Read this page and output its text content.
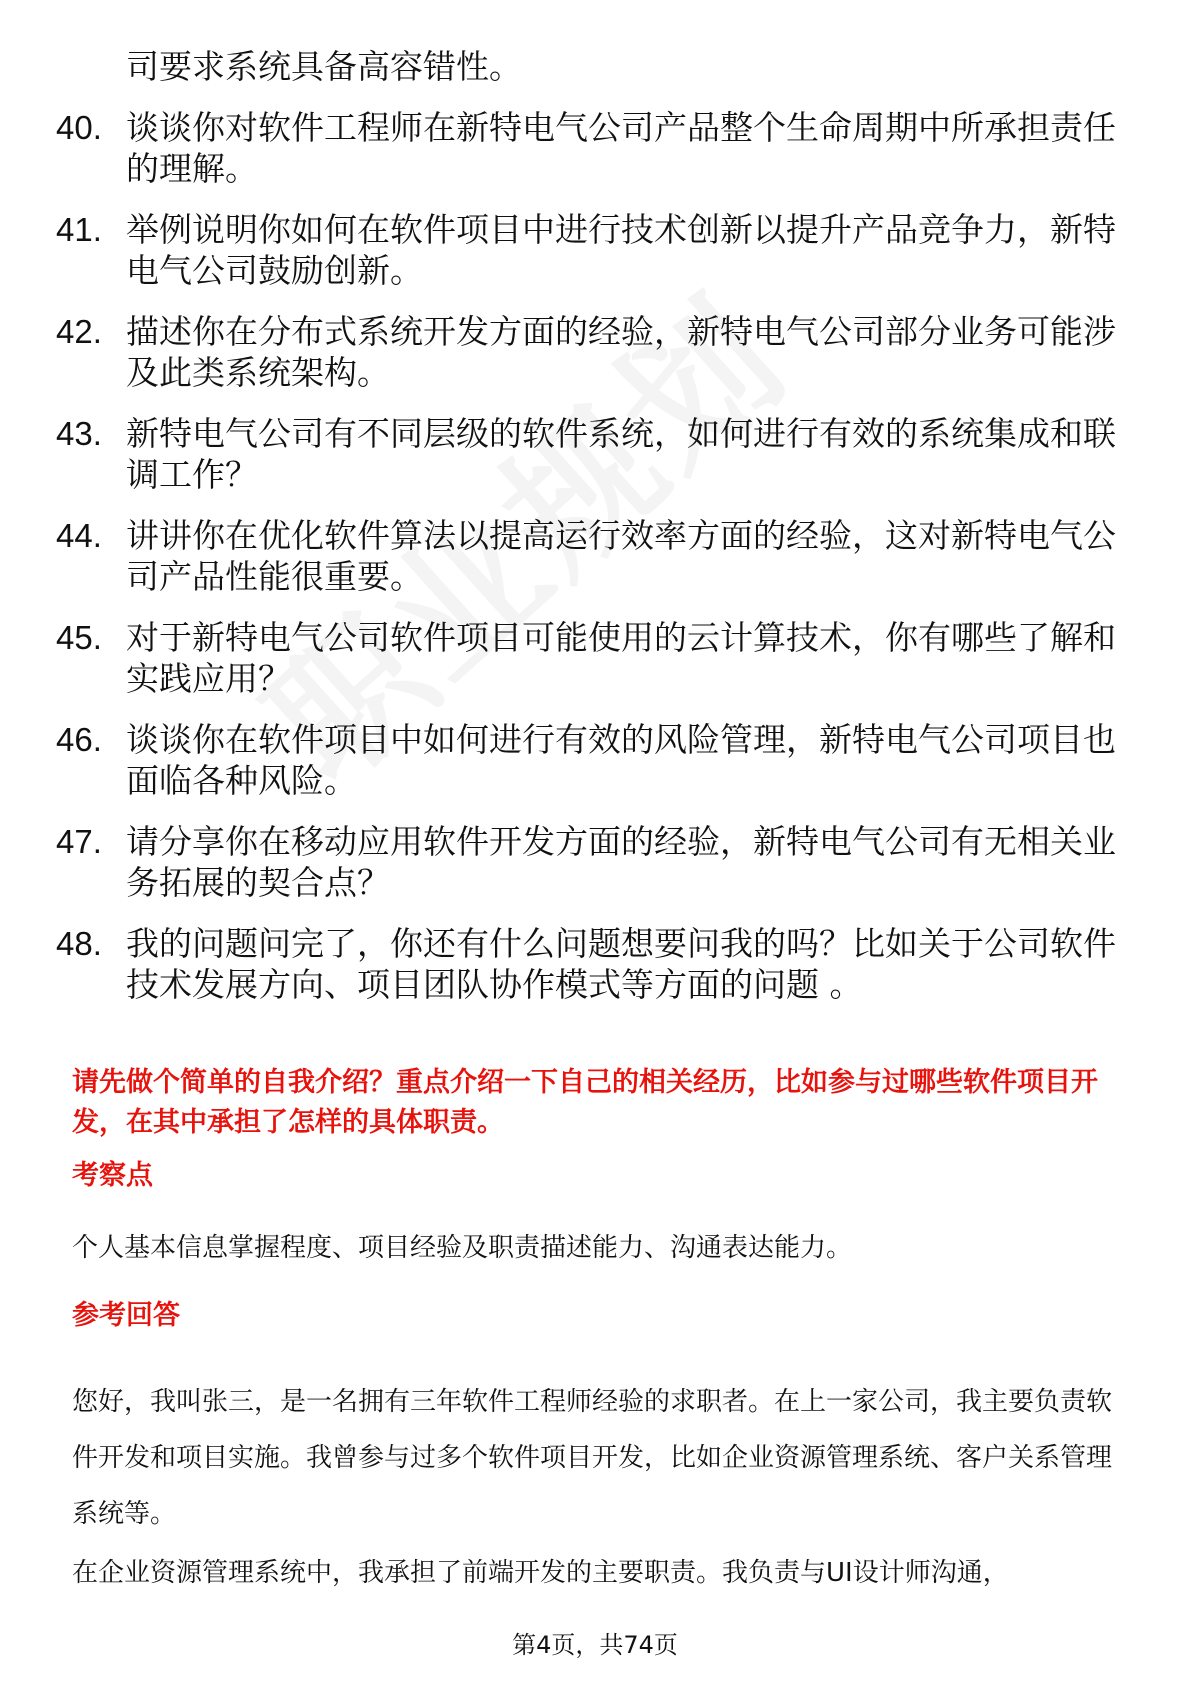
司要求系统具备高容错性。
40. 谈谈你对软件工程师在新特电气公司产品整个生命周期中所承担责任的理解。
41. 举例说明你如何在软件项目中进行技术创新以提升产品竞争力，新特电气公司鼓励创新。
42. 描述你在分布式系统开发方面的经验，新特电气公司部分业务可能涉及此类系统架构。
43. 新特电气公司有不同层级的软件系统，如何进行有效的系统集成和联调工作？
44. 讲讲你在优化软件算法以提高运行效率方面的经验，这对新特电气公司产品性能很重要。
45. 对于新特电气公司软件项目可能使用的云计算技术，你有哪些了解和实践应用？
46. 谈谈你在软件项目中如何进行有效的风险管理，新特电气公司项目也面临各种风险。
47. 请分享你在移动应用软件开发方面的经验，新特电气公司有无相关业务拓展的契合点？
48. 我的问题问完了，你还有什么问题想要问我的吗？比如关于公司软件技术发展方向、项目团队协作模式等方面的问题 。

请先做个简单的自我介绍？重点介绍一下自己的相关经历，比如参与过哪些软件项目开发，在其中承担了怎样的具体职责。

考察点

个人基本信息掌握程度、项目经验及职责描述能力、沟通表达能力。

参考回答

您好，我叫张三，是一名拥有三年软件工程师经验的求职者。在上一家公司，我主要负责软件开发和项目实施。我曾参与过多个软件项目开发，比如企业资源管理系统、客户关系管理系统等。

在企业资源管理系统中，我承担了前端开发的主要职责。我负责与UI设计师沟通，

第4页，共74页
